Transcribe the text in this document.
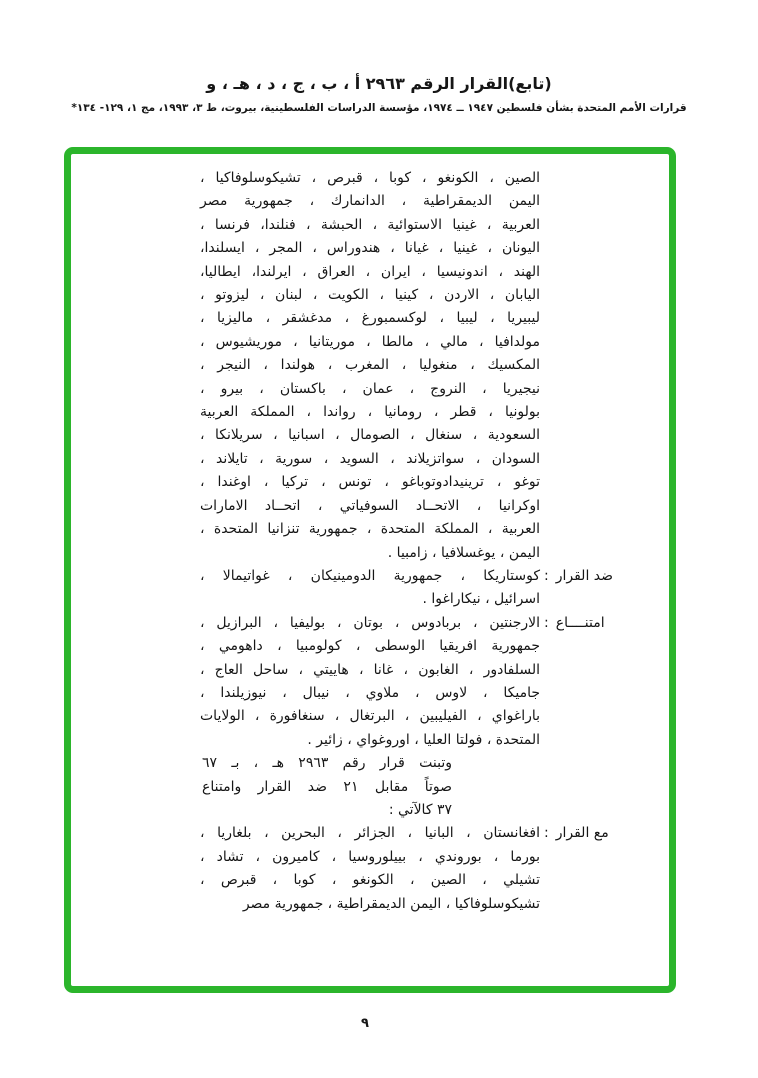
(تابع)القرار الرقم ٢٩٦٣ أ ، ب ، ج ، د ، هـ ، و
قرارات الأمم المتحدة بشأن فلسطين ١٩٤٧ ــ ١٩٧٤، مؤسسة الدراسات الفلسطينية، بيروت، ط ٣، ١٩٩٣، مج ١، ١٢٩- ١٣٤*
الصين ، الكونغو ، كوبا ، قبرص ، تشيكوسلوفاكيا ،
اليمن الديمقراطية ، الدانمارك ، جمهورية مصر
العربية ، غينيا الاستوائية ، الحبشة ، فنلندا، فرنسا ،
اليونان ، غينيا ، غيانا ، هندوراس ، المجر ، ايسلندا،
الهند ، اندونيسيا ، ايران ، العراق ، ايرلندا، ايطاليا،
اليابان ، الاردن ، كينيا ، الكويت ، لبنان ، ليزوتو ،
ليبيريا ، ليبيا ، لوكسمبورغ ، مدغشقر ، ماليزيا ،
مولدافيا ، مالي ، مالطا ، موريتانيا ، موريشيوس ،
المكسيك ، منغوليا ، المغرب ، هولندا ، النيجر ،
نيجيريا ، النروج ، عمان ، باكستان ، بيرو ،
بولونيا ، قطر ، رومانيا ، رواندا ، المملكة العربية
السعودية ، سنغال ، الصومال ، اسبانيا ، سريلانكا ،
السودان ، سواتزيلاند ، السويد ، سورية ، تايلاند ،
توغو ، ترينيدادوتوباغو ، تونس ، تركيا ، اوغندا ،
اوكرانيا ، الاتحــاد السوفياتي ، اتحــاد الامارات
العربية ، المملكة المتحدة ، جمهورية تنزانيا المتحدة ،
اليمن ، يوغسلافيا ، زامبيا .
ضد القرار:
كوستاريكا ، جمهورية الدومينيكان ، غواتيمالا ،
اسرائيل ، نيكاراغوا .
امتنــــاع:
الارجنتين ، بربادوس ، بوتان ، بوليفيا ، البرازيل ،
جمهورية افريقيا الوسطى ، كولومبيا ، داهومي ،
السلفادور ، الغابون ، غانا ، هاييتي ، ساحل العاج ،
جاميكا ، لاوس ، ملاوي ، نيبال ، نيوزيلندا ،
باراغواي ، الفيليبين ، البرتغال ، سنغافورة ، الولايات
المتحدة ، فولتا العليا ، اوروغواي ، زائير .
وتبنت قرار رقم ٢٩٦٣ هـ ، بـ ٦٧
صوتاً مقابل ٢١ ضد القرار وامتناع
٣٧ كالآتي :
مع القرار:
افغانستان ، البانيا ، الجزائر ، البحرين ، بلغاريا ،
بورما ، بوروندي ، بييلوروسيا ، كاميرون ، تشاد ،
تشيلي ، الصين ، الكونغو ، كوبا ، قبرص ،
تشيكوسلوفاكيا ، اليمن الديمقراطية ، جمهورية مصر
٩
